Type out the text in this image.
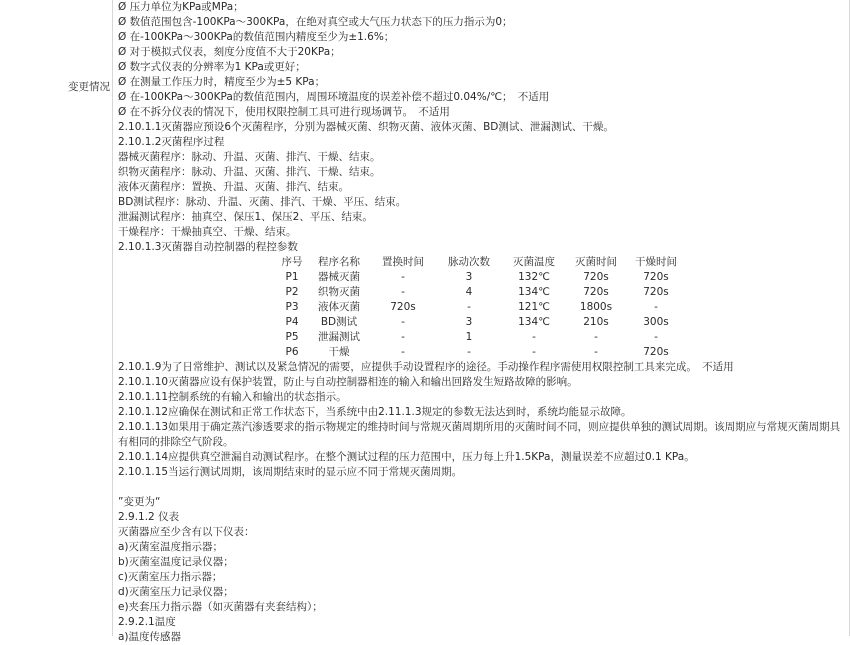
变更情况
Ø 压力单位为KPa或MPa；
Ø 数值范围包含-100KPa～300KPa，在绝对真空或大气压力状态下的压力指示为0；
Ø 在-100KPa～300KPa的数值范围内精度至少为±1.6%；
Ø 对于模拟式仪表，刻度分度值不大于20KPa；
Ø 数字式仪表的分辨率为1 KPa或更好；
Ø 在测量工作压力时，精度至少为±5 KPa；
Ø 在-100KPa～300KPa的数值范围内，周围环境温度的误差补偿不超过0.04%/℃；　不适用
Ø 在不拆分仪表的情况下，使用权限控制工具可进行现场调节。　不适用
2.10.1.1灭菌器应预设6个灭菌程序，分别为器械灭菌、织物灭菌、液体灭菌、BD测试、泄漏测试、干燥。
2.10.1.2灭菌程序过程
器械灭菌程序：脉动、升温、灭菌、排汽、干燥、结束。
织物灭菌程序：脉动、升温、灭菌、排汽、干燥、结束。
液体灭菌程序：置换、升温、灭菌、排汽、结束。
BD测试程序：脉动、升温、灭菌、排汽、干燥、平压、结束。
泄漏测试程序：抽真空、保压1、保压2、平压、结束。
干燥程序：干燥抽真空、干燥、结束。
2.10.1.3灭菌器自动控制器的程控参数
序号	程序名称	置换时间	脉动次数	灭菌温度	灭菌时间	干燥时间
P1	器械灭菌	-	3	132℃	720s	720s
P2	织物灭菌	-	4	134℃	720s	720s
P3	液体灭菌	720s	-	121℃	1800s	-
P4	BD测试	-	3	134℃	210s	300s
P5	泄漏测试	-	1	-	-	-
P6	干燥	-	-	-	-	720s
2.10.1.9为了日常维护、测试以及紧急情况的需要，应提供手动设置程序的途径。手动操作程序需使用权限控制工具来完成。　不适用
2.10.1.10灭菌器应设有保护装置，防止与自动控制器相连的输入和输出回路发生短路故障的影响。
2.10.1.11控制系统的有输入和输出的状态指示。
2.10.1.12应确保在测试和正常工作状态下，当系统中由2.11.1.3规定的参数无法达到时，系统均能显示故障。
2.10.1.13如果用于确定蒸汽渗透要求的指示物规定的维持时间与常规灭菌周期所用的灭菌时间不同，则应提供单独的测试周期。该周期应与常规灭菌周期具有相同的排除空气阶段。
2.10.1.14应提供真空泄漏自动测试程序。在整个测试过程的压力范围中，压力每上升1.5KPa，测量误差不应超过0.1 KPa。
2.10.1.15当运行测试周期，该周期结束时的显示应不同于常规灭菌周期。
”变更为“
2.9.1.2 仪表
灭菌器应至少含有以下仪表：
a)灭菌室温度指示器；
b)灭菌室温度记录仪器；
c)灭菌室压力指示器；
d)灭菌室压力记录仪器；
e)夹套压力指示器（如灭菌器有夹套结构）；
2.9.2.1温度
a)温度传感器
